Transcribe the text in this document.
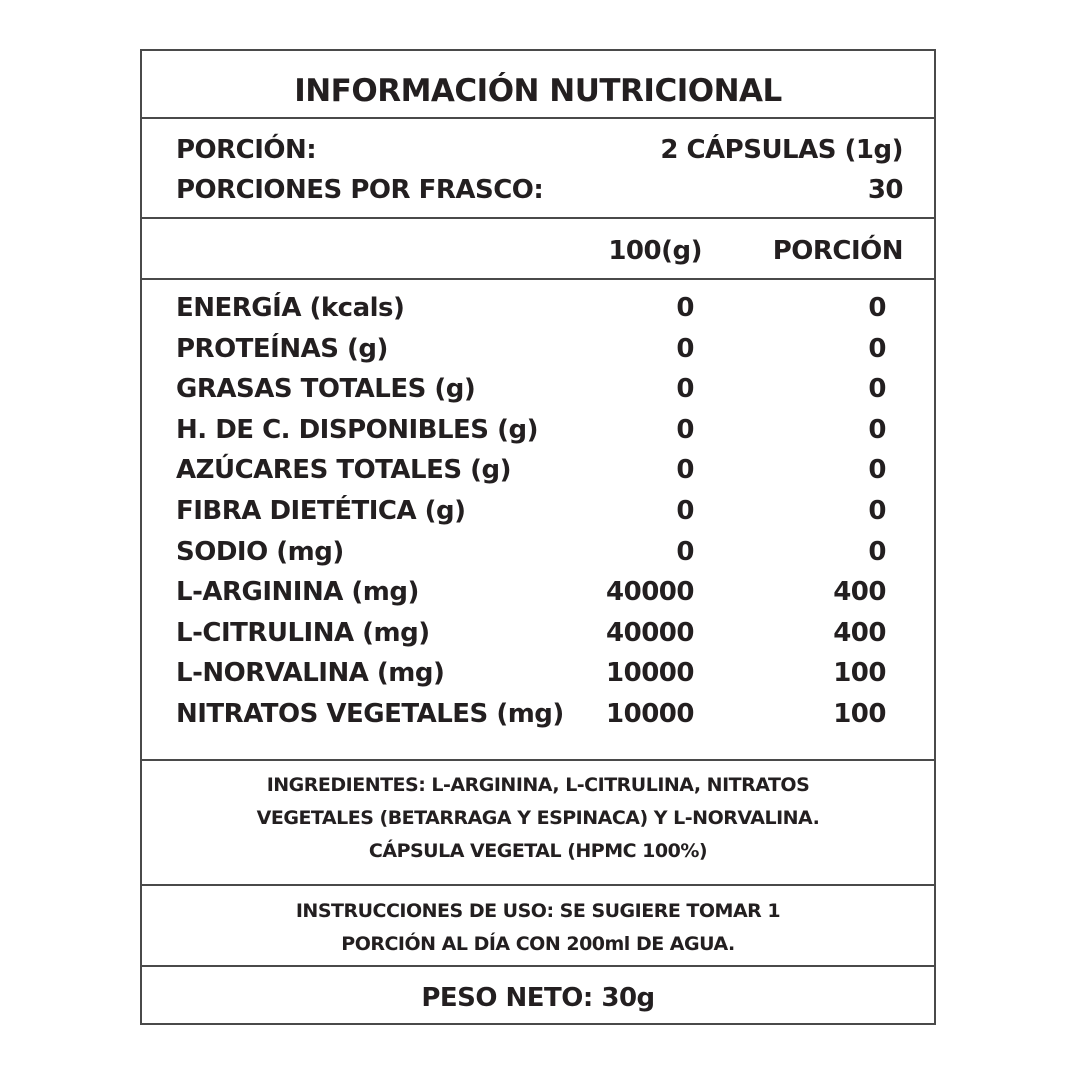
INFORMACIÓN NUTRICIONAL
PORCIÓN:	2 CÁPSULAS (1g)
PORCIONES POR FRASCO:	30
100(g)	PORCIÓN
ENERGÍA (kcals)	0	0
PROTEÍNAS (g)	0	0
GRASAS TOTALES (g)	0	0
H. DE C. DISPONIBLES (g)	0	0
AZÚCARES TOTALES (g)	0	0
FIBRA DIETÉTICA (g)	0	0
SODIO (mg)	0	0
L-ARGININA (mg)	40000	400
L-CITRULINA (mg)	40000	400
L-NORVALINA (mg)	10000	100
NITRATOS VEGETALES (mg) 10000	100
INGREDIENTES: L-ARGININA, L-CITRULINA, NITRATOS
VEGETALES (BETARRAGA Y ESPINACA) Y L-NORVALINA.
CÁPSULA VEGETAL (HPMC 100%)
INSTRUCCIONES DE USO: SE SUGIERE TOMAR 1
PORCIÓN AL DÍA CON 200ml DE AGUA.
PESO NETO: 30g
